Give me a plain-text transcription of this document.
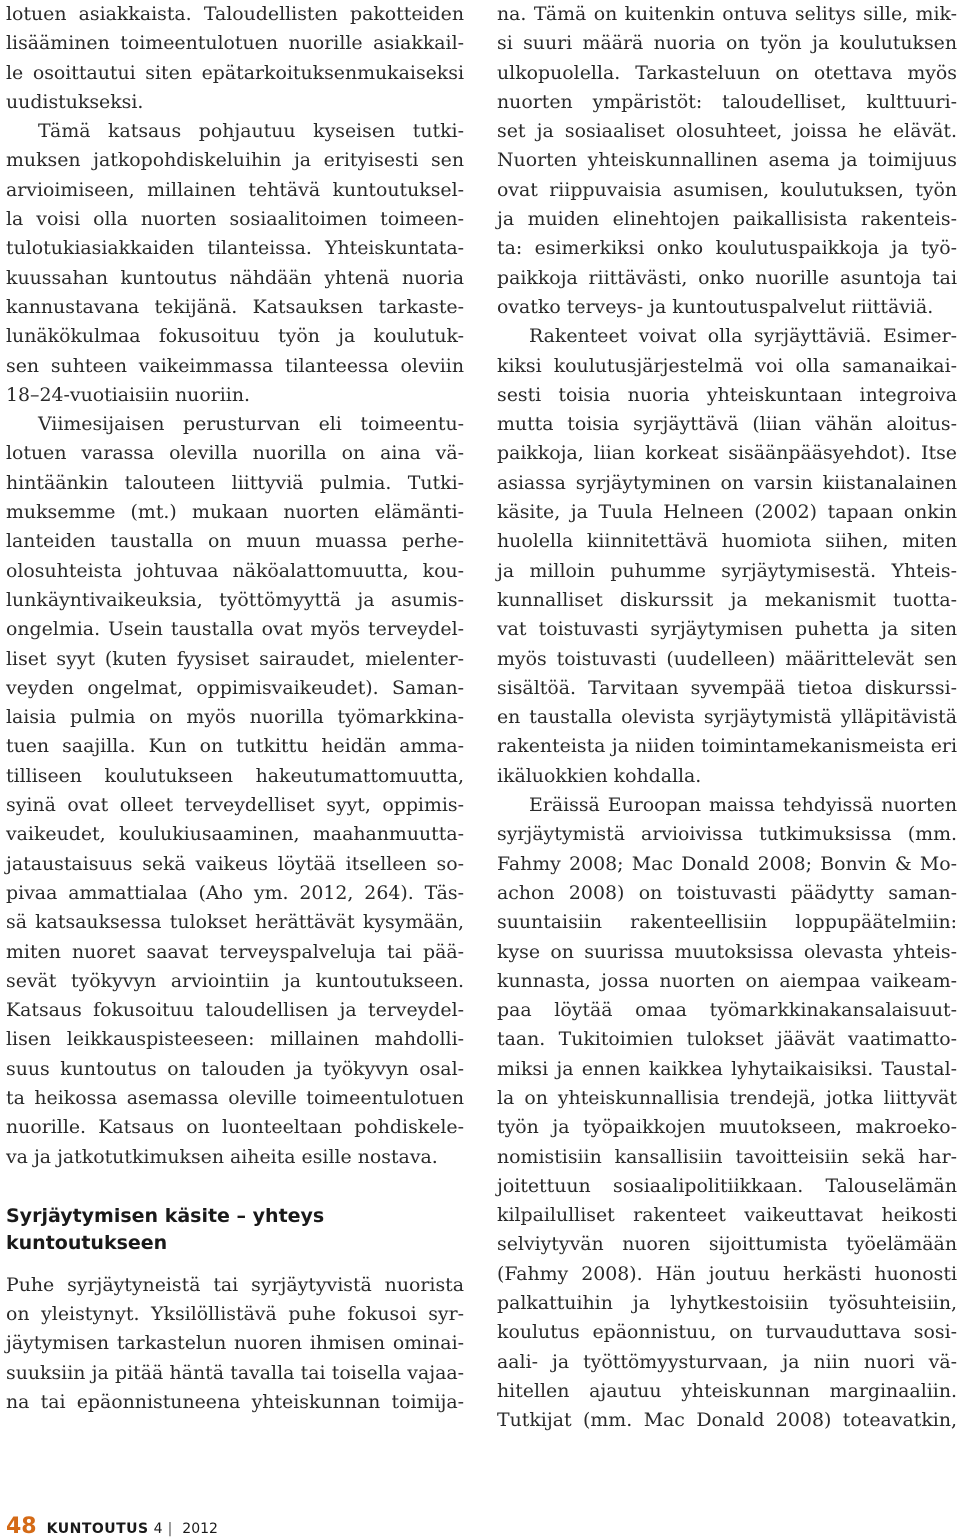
lotuen asiakkaista. Taloudellisten pakotteiden
lisääminen toimeentulotuen nuorille asiakkail-
le osoittautui siten epätarkoituksenmukaiseksi
uudistukseksi.
Tämä katsaus pohjautuu kyseisen tutki-
muksen jatkopohdiskeluihin ja erityisesti sen
arvioimiseen, millainen tehtävä kuntoutuksel-
la voisi olla nuorten sosiaalitoimen toimeen-
tulotukiasiakkaiden tilanteissa. Yhteiskuntata-
kuussahan kuntoutus nähdään yhtenä nuoria
kannustavana tekijänä. Katsauksen tarkaste-
lunäkökulmaa fokusoituu työn ja koulutuk-
sen suhteen vaikeimmassa tilanteessa oleviin
18–24-vuotiaisiin nuoriin.
Viimesijaisen perusturvan eli toimeentu-
lotuen varassa olevilla nuorilla on aina vä-
hintäänkin talouteen liittyviä pulmia. Tutki-
muksemme (mt.) mukaan nuorten elämänti-
lanteiden taustalla on muun muassa perhe-
olosuhteista johtuvaa näköalattomuutta, kou-
lunkäyntivaikeuksia, työttömyyttä ja asumis-
ongelmia. Usein taustalla ovat myös terveydel-
liset syyt (kuten fyysiset sairaudet, mielenter-
veyden ongelmat, oppimisvaikeudet). Saman-
laisia pulmia on myös nuorilla työmarkkina-
tuen saajilla. Kun on tutkittu heidän amma-
tilliseen koulutukseen hakeutumattomuutta,
syinä ovat olleet terveydelliset syyt, oppimis-
vaikeudet, koulukiusaaminen, maahanmuutta-
jataustaisuus sekä vaikeus löytää itselleen so-
pivaa ammattialaa (Aho ym. 2012, 264). Täs-
sä katsauksessa tulokset herättävät kysymään,
miten nuoret saavat terveyspalveluja tai pää-
sevät työkyvyn arviointiin ja kuntoutukseen.
Katsaus fokusoituu taloudellisen ja terveydel-
lisen leikkauspisteeseen: millainen mahdolli-
suus kuntoutus on talouden ja työkyvyn osal-
ta heikossa asemassa oleville toimeentulotuen
nuorille. Katsaus on luonteeltaan pohdiskele-
va ja jatkotutkimuksen aiheita esille nostava.
Syrjäytymisen käsite – yhteys
kuntoutukseen
Puhe syrjäytyneistä tai syrjäytyvistä nuorista
on yleistynyt. Yksilöllistävä puhe fokusoi syr-
jäytymisen tarkastelun nuoren ihmisen ominai-
suuksiin ja pitää häntä tavalla tai toisella vajaa-
na tai epäonnistuneena yhteiskunnan toimija-
na. Tämä on kuitenkin ontuva selitys sille, mik-
si suuri määrä nuoria on työn ja koulutuksen
ulkopuolella. Tarkasteluun on otettava myös
nuorten ympäristöt: taloudelliset, kulttuuri-
set ja sosiaaliset olosuhteet, joissa he elävät.
Nuorten yhteiskunnallinen asema ja toimijuus
ovat riippuvaisia asumisen, koulutuksen, työn
ja muiden elinehtojen paikallisista rakenteis-
ta: esimerkiksi onko koulutuspaikkoja ja työ-
paikkoja riittävästi, onko nuorille asuntoja tai
ovatko terveys- ja kuntoutuspalvelut riittäviä.
Rakenteet voivat olla syrjäyttäviä. Esimer-
kiksi koulutusjärjestelmä voi olla samanaikai-
sesti toisia nuoria yhteiskuntaan integroiva
mutta toisia syrjäyttävä (liian vähän aloitus-
paikkoja, liian korkeat sisäänpääsyehdot). Itse
asiassa syrjäytyminen on varsin kiistanalainen
käsite, ja Tuula Helneen (2002) tapaan onkin
huolella kiinnitettävä huomiota siihen, miten
ja milloin puhumme syrjäytymisestä. Yhteis-
kunnalliset diskurssit ja mekanismit tuotta-
vat toistuvasti syrjäytymisen puhetta ja siten
myös toistuvasti (uudelleen) määrittelevät sen
sisältöä. Tarvitaan syvempää tietoa diskurssi-
en taustalla olevista syrjäytymistä ylläpitävistä
rakenteista ja niiden toimintamekanismeista eri
ikäluokkien kohdalla.
Eräissä Euroopan maissa tehdyissä nuorten
syrjäytymistä arvioivissa tutkimuksissa (mm.
Fahmy 2008; Mac Donald 2008; Bonvin & Mo-
achon 2008) on toistuvasti päädytty saman-
suuntaisiin rakenteellisiin loppupäätelmiin:
kyse on suurissa muutoksissa olevasta yhteis-
kunnasta, jossa nuorten on aiempaa vaikeam-
paa löytää omaa työmarkkinakansalaisuut-
taan. Tukitoimien tulokset jäävät vaatimatto-
miksi ja ennen kaikkea lyhytaikaisiksi. Taustal-
la on yhteiskunnallisia trendejä, jotka liittyvät
työn ja työpaikkojen muutokseen, makroeko-
nomistisiin kansallisiin tavoitteisiin sekä har-
joitettuun sosiaalipolitiikkaan. Talouselämän
kilpailulliset rakenteet vaikeuttavat heikosti
selviytyvän nuoren sijoittumista työelämään
(Fahmy 2008). Hän joutuu herkästi huonosti
palkattuihin ja lyhytkestoisiin työsuhteisiin,
koulutus epäonnistuu, on turvauduttava sosi-
aali- ja työttömyysturvaan, ja niin nuori vä-
hitellen ajautuu yhteiskunnan marginaaliin.
Tutkijat (mm. Mac Donald 2008) toteavatkin,
48 KUNTOUTUS 4 | 2012
